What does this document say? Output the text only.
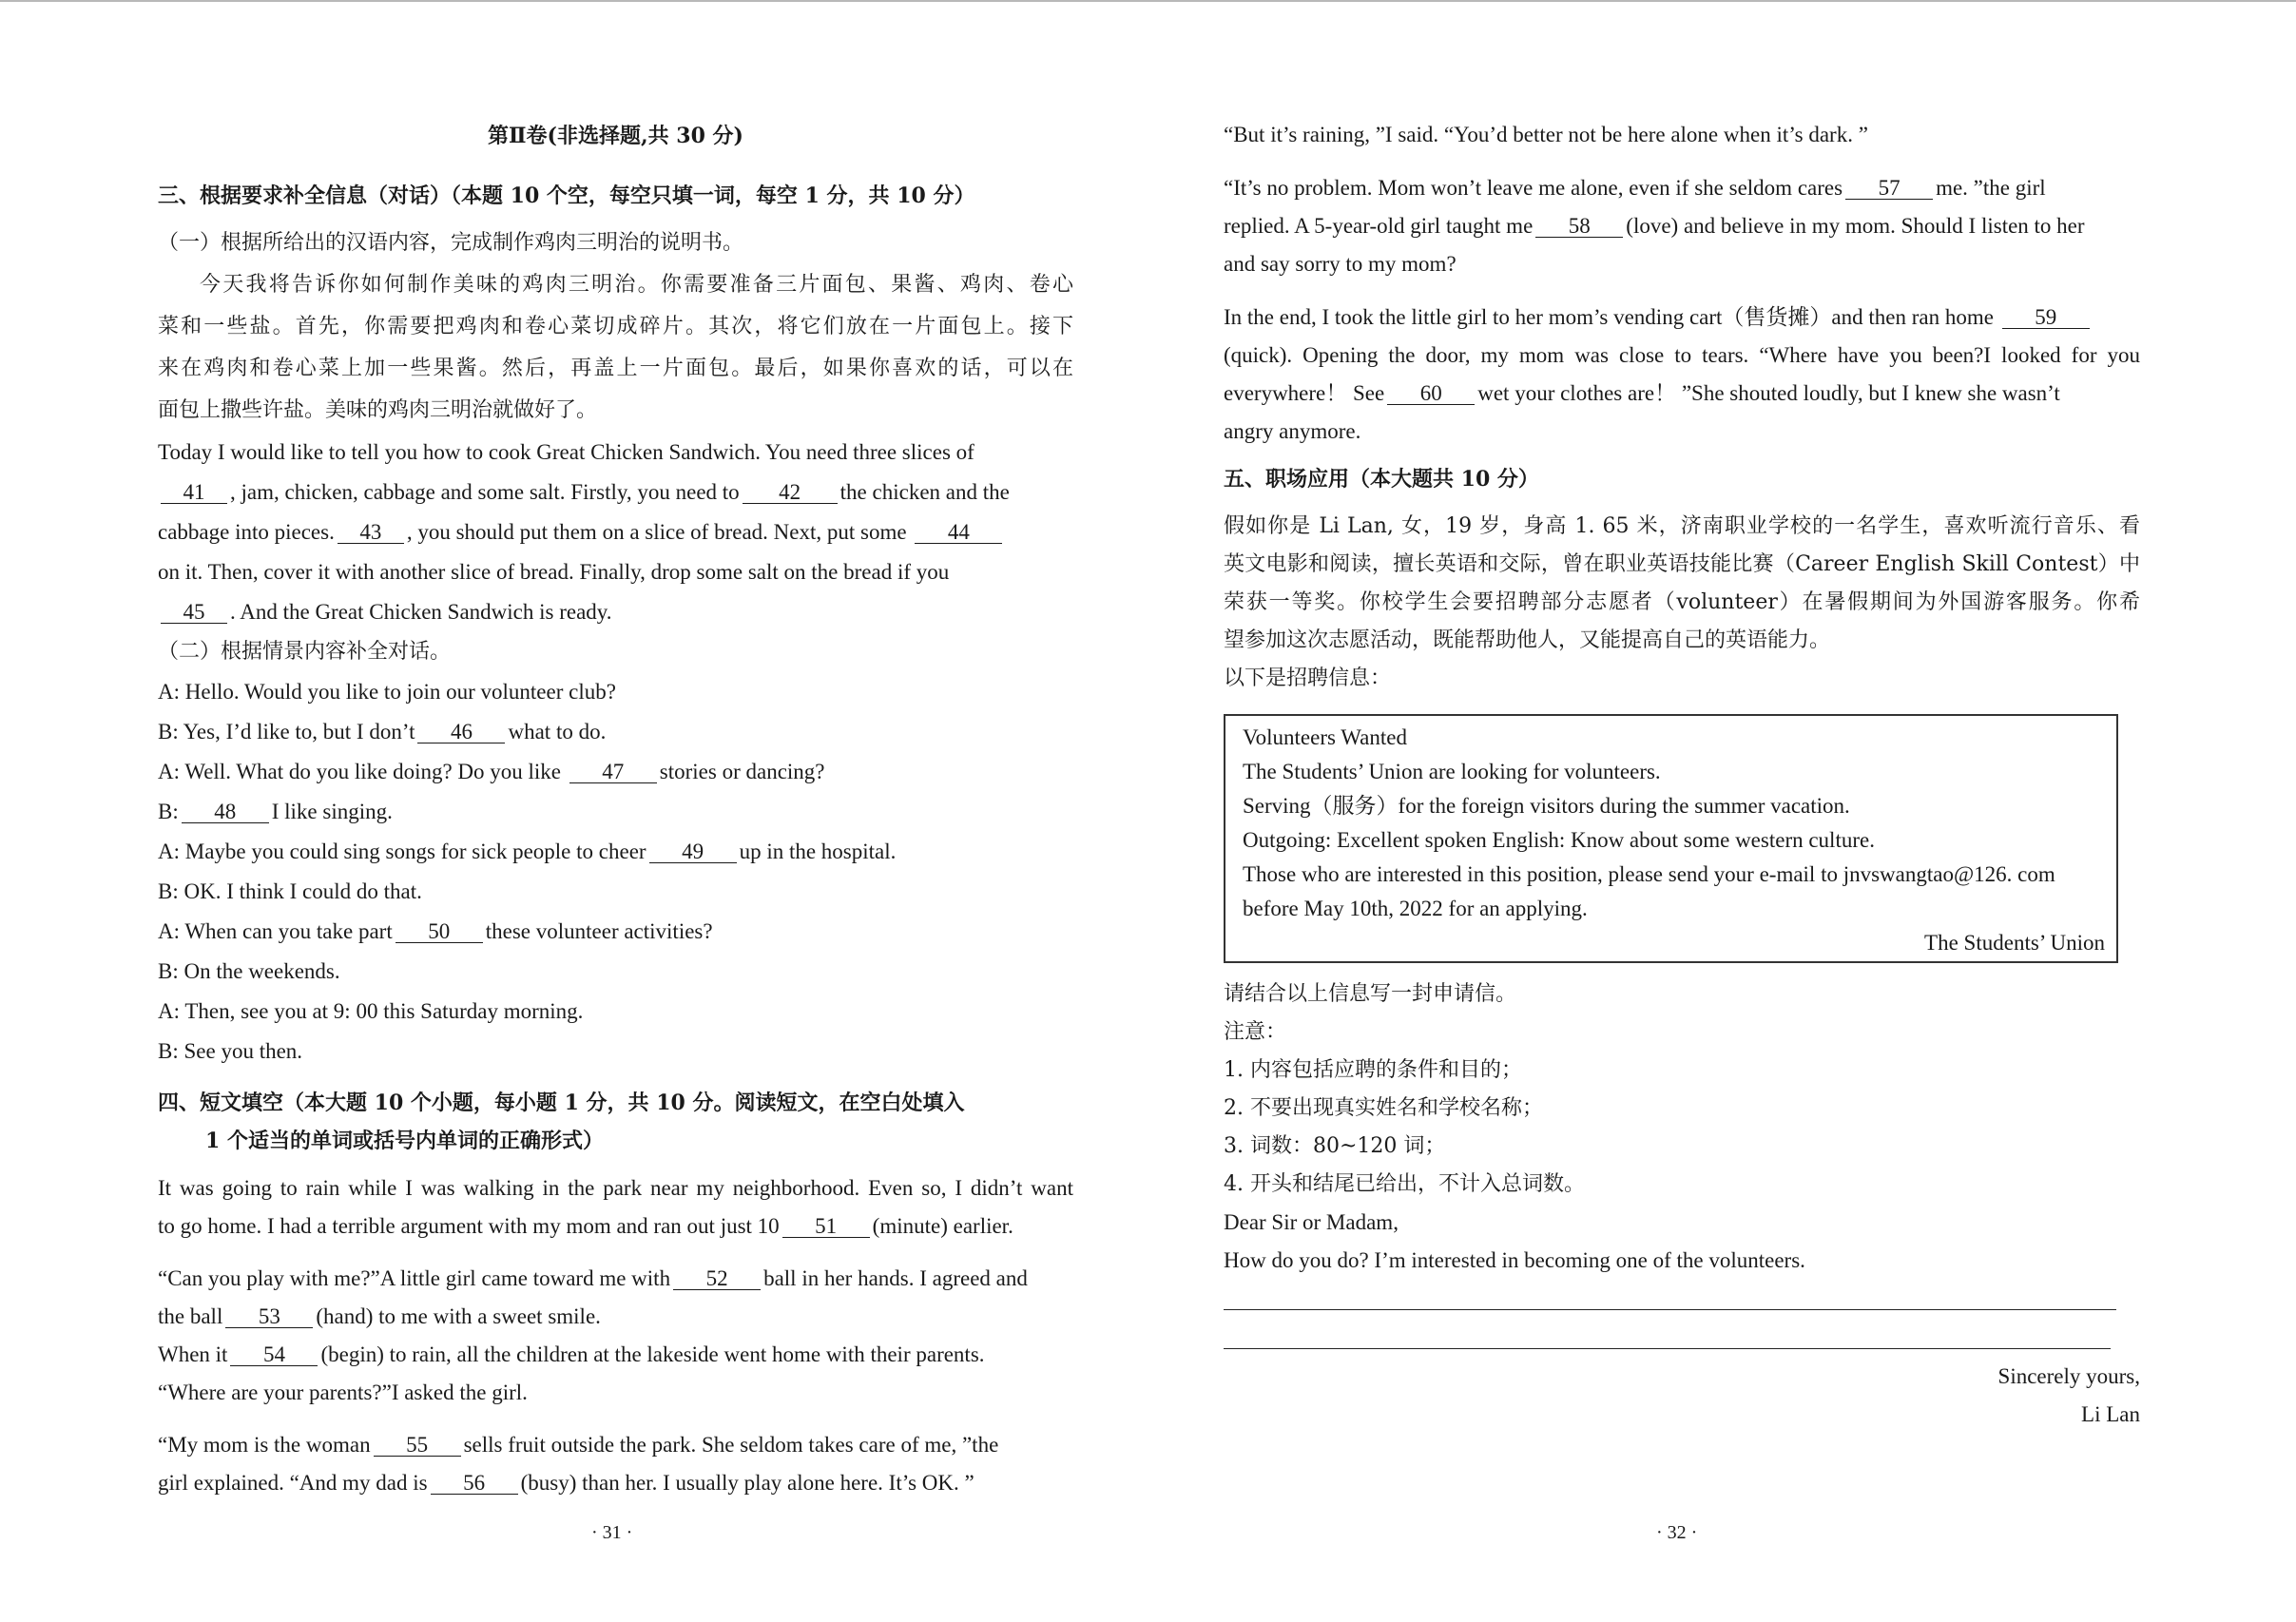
第Ⅱ卷(非选择题,共 30 分)
三、根据要求补全信息（对话）（本题 10 个空，每空只填一词，每空 1 分，共 10 分）
（一）根据所给出的汉语内容，完成制作鸡肉三明治的说明书。
今天我将告诉你如何制作美味的鸡肉三明治。你需要准备三片面包、果酱、鸡肉、卷心
菜和一些盐。首先，你需要把鸡肉和卷心菜切成碎片。其次，将它们放在一片面包上。接下
来在鸡肉和卷心菜上加一些果酱。然后，再盖上一片面包。最后，如果你喜欢的话，可以在
面包上撒些许盐。美味的鸡肉三明治就做好了。
Today I would like to tell you how to cook Great Chicken Sandwich. You need three slices of
41 , jam, chicken, cabbage and some salt. Firstly, you need to 42 the chicken and the
cabbage into pieces. 43 , you should put them on a slice of bread. Next, put some 44
on it. Then, cover it with another slice of bread. Finally, drop some salt on the bread if you
45 . And the Great Chicken Sandwich is ready.
（二）根据情景内容补全对话。
A: Hello. Would you like to join our volunteer club?
B: Yes, I’d like to, but I don’t 46 what to do.
A: Well. What do you like doing? Do you like 47 stories or dancing?
B: 48 I like singing.
A: Maybe you could sing songs for sick people to cheer 49 up in the hospital.
B: OK. I think I could do that.
A: When can you take part 50 these volunteer activities?
B: On the weekends.
A: Then, see you at 9: 00 this Saturday morning.
B: See you then.
四、短文填空（本大题 10 个小题，每小题 1 分，共 10 分。阅读短文，在空白处填入
1 个适当的单词或括号内单词的正确形式）
It was going to rain while I was walking in the park near my neighborhood. Even so, I didn’t want
to go home. I had a terrible argument with my mom and ran out just 10 51 (minute) earlier.
“Can you play with me?”A little girl came toward me with 52 ball in her hands. I agreed and
the ball 53 (hand) to me with a sweet smile.
When it 54 (begin) to rain, all the children at the lakeside went home with their parents.
“Where are your parents?”I asked the girl.
“My mom is the woman 55 sells fruit outside the park. She seldom takes care of me, ”the
girl explained. “And my dad is 56 (busy) than her. I usually play alone here. It’s OK. ”
· 31 ·
“But it’s raining, ”I said. “You’d better not be here alone when it’s dark. ”
“It’s no problem. Mom won’t leave me alone, even if she seldom cares 57 me. ”the girl
replied. A 5-year-old girl taught me 58 (love) and believe in my mom. Should I listen to her
and say sorry to my mom?
In the end, I took the little girl to her mom’s vending cart（售货摊）and then ran home 59
(quick). Opening the door, my mom was close to tears. “Where have you been?I looked for you
everywhere！ See 60 wet your clothes are！ ”She shouted loudly, but I knew she wasn’t
angry anymore.
五、职场应用（本大题共 10 分）
假如你是 Li Lan, 女，19 岁，身高 1. 65 米，济南职业学校的一名学生，喜欢听流行音乐、看
英文电影和阅读，擅长英语和交际，曾在职业英语技能比赛（Career English Skill Contest）中
荣获一等奖。你校学生会要招聘部分志愿者（volunteer）在暑假期间为外国游客服务。你希
望参加这次志愿活动，既能帮助他人，又能提高自己的英语能力。
以下是招聘信息：
Volunteers Wanted
The Students’ Union are looking for volunteers.
Serving（服务）for the foreign visitors during the summer vacation.
Outgoing: Excellent spoken English: Know about some western culture.
Those who are interested in this position, please send your e-mail to jnvswangtao@126. com
before May 10th, 2022 for an applying.
The Students’ Union
请结合以上信息写一封申请信。
注意：
1. 内容包括应聘的条件和目的；
2. 不要出现真实姓名和学校名称；
3. 词数：80~120 词；
4. 开头和结尾已给出，不计入总词数。
Dear Sir or Madam,
How do you do? I’m interested in becoming one of the volunteers.
Sincerely yours,
Li Lan
· 32 ·
